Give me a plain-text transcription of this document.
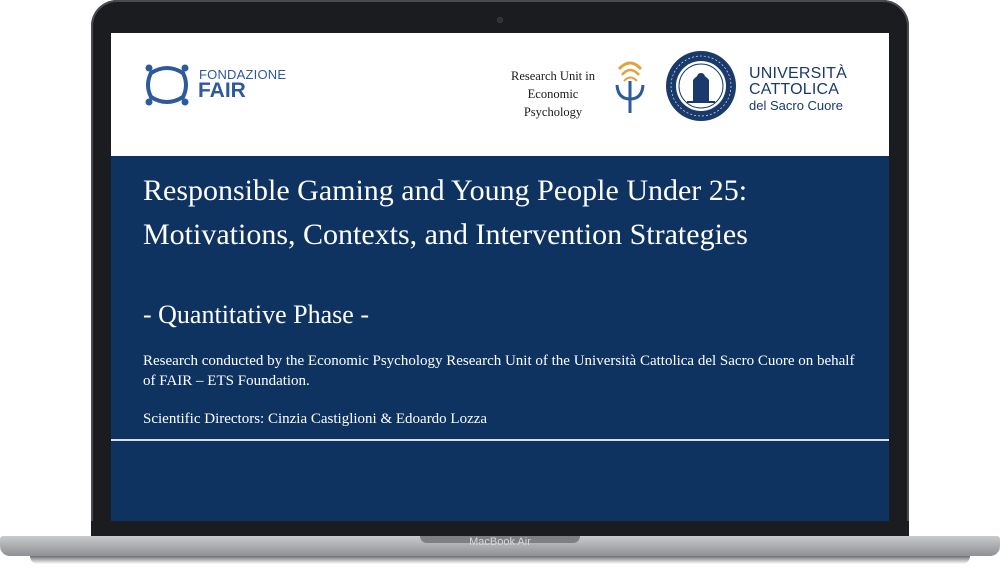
FONDAZIONE
FAIR
Research Unit in Economic Psychology
UNIVERSITÀ
CATTOLICA
del Sacro Cuore
Responsible Gaming and Young People Under 25: Motivations, Contexts, and Intervention Strategies
- Quantitative Phase -
Research conducted by the Economic Psychology Research Unit of the Università Cattolica del Sacro Cuore on behalf of FAIR – ETS Foundation.
Scientific Directors: Cinzia Castiglioni & Edoardo Lozza
MacBook Air
